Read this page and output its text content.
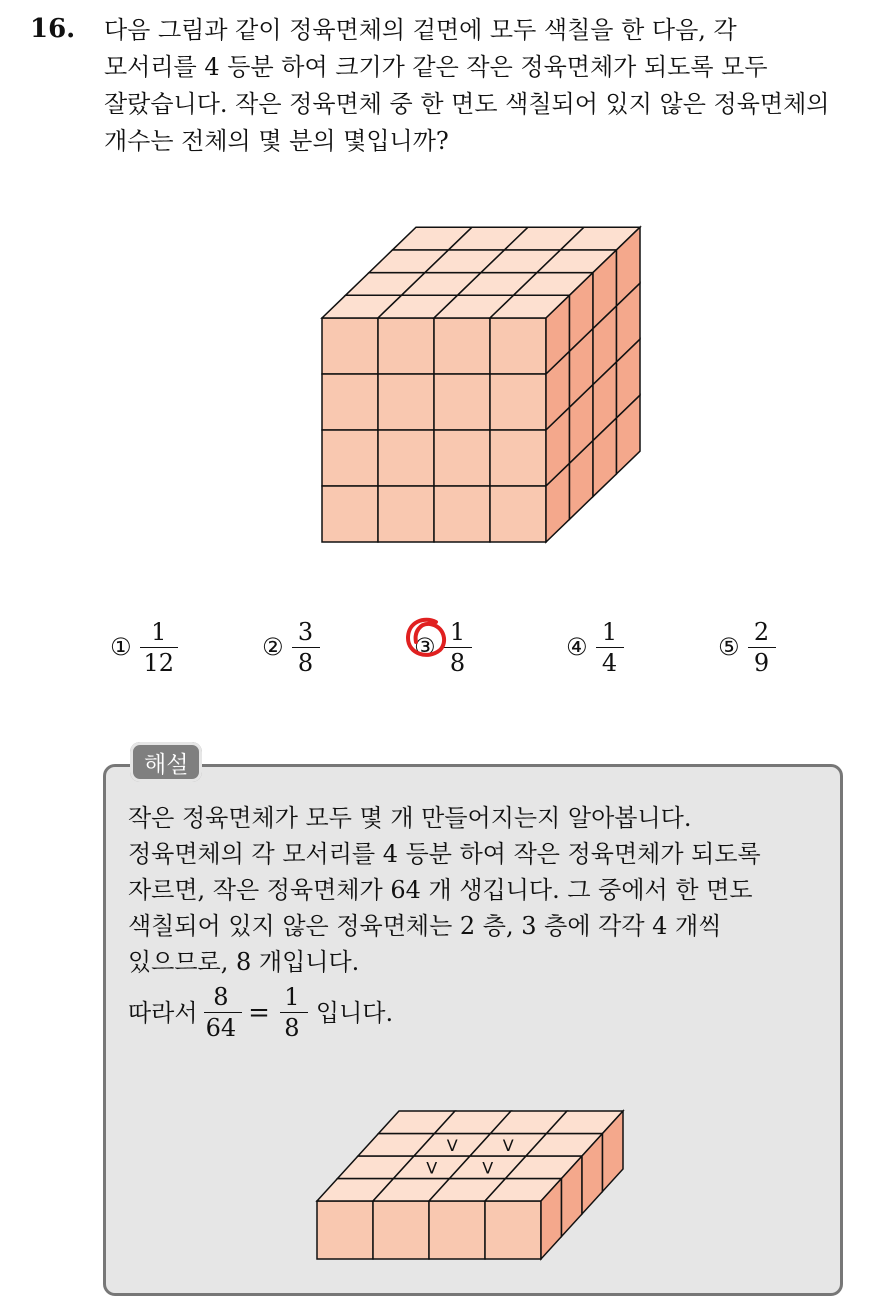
16. 다음 그림과 같이 정육면체의 겉면에 모두 색칠을 한 다음, 각
모서리를 4 등분 하여 크기가 같은 작은 정육면체가 되도록 모두
잘랐습니다. 작은 정육면체 중 한 면도 색칠되어 있지 않은 정육면체의
개수는 전체의 몇 분의 몇입니까?
① $\frac{1}{12}$	② $\frac{3}{8}$	③ $\frac{1}{8}$	④ $\frac{1}{4}$	⑤ $\frac{2}{9}$
V	V
V	V
해설
작은 정육면체가 모두 몇 개 만들어지는지 알아봅니다.
정육면체의 각 모서리를 4 등분 하여 작은 정육면체가 되도록
자르면, 작은 정육면체가 64 개 생깁니다. 그 중에서 한 면도
색칠되어 있지 않은 정육면체는 2 층, 3 층에 각각 4 개씩
있으므로, 8 개입니다.
따라서 $\frac{8}{64} = \frac{1}{8}$ 입니다.
